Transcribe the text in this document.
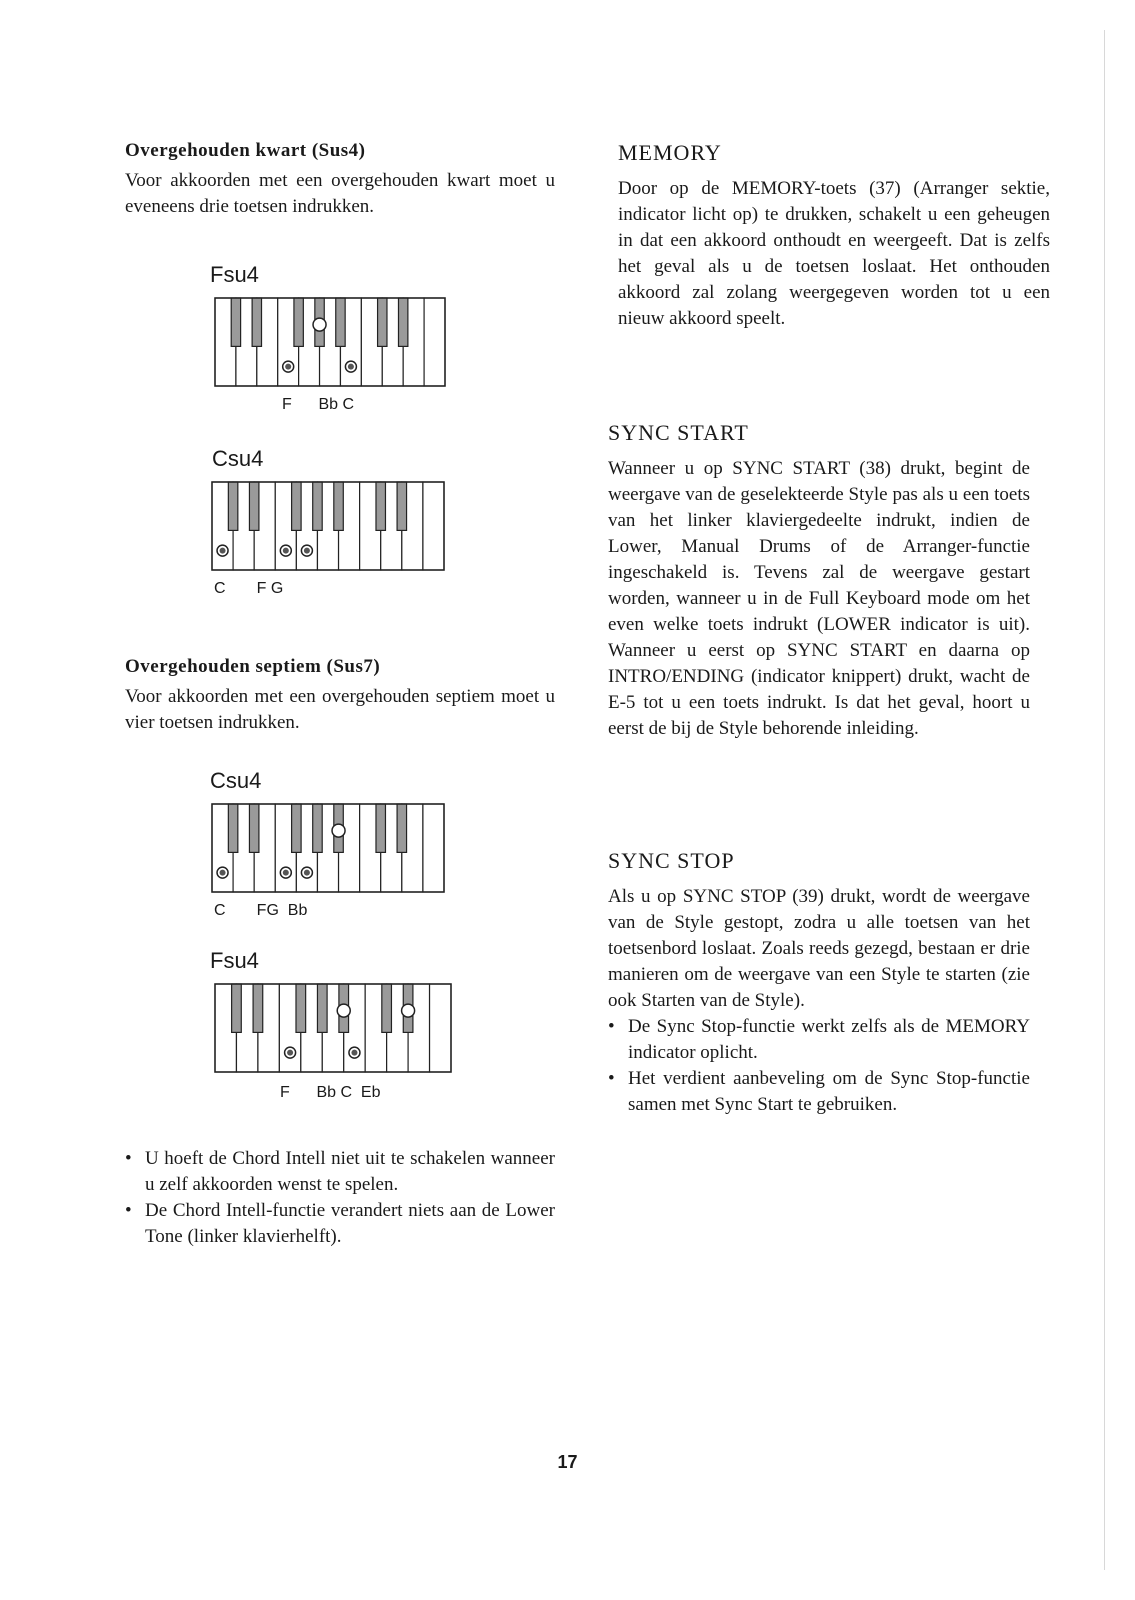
Overgehouden kwart (Sus4)

Voor akkoorden met een overgehouden kwart moet u eveneens drie toetsen indrukken.

Overgehouden septiem (Sus7)

Voor akkoorden met een overgehouden septiem moet u vier toetsen indrukken.

• U hoeft de Chord Intell niet uit te schakelen wanneer u zelf akkoorden wenst te spelen.
• De Chord Intell-functie verandert niets aan de Lower Tone (linker klavierhelft).
Fsu4
F      Bb C
Csu4
C       F G
Csu4
C       FG  Bb
Fsu4
F      Bb C  Eb
MEMORY

Door op de MEMORY-toets (37) (Arranger sektie, indicator licht op) te drukken, schakelt u een geheugen in dat een akkoord onthoudt en weergeeft. Dat is zelfs het geval als u de toetsen loslaat. Het onthouden akkoord zal zolang weergegeven worden tot u een nieuw akkoord speelt.

SYNC START

Wanneer u op SYNC START (38) drukt, begint de weergave van de geselekteerde Style pas als u een toets van het linker klaviergedeelte indrukt, indien de Lower, Manual Drums of de Arranger-functie ingeschakeld is. Tevens zal de weergave gestart worden, wanneer u in de Full Keyboard mode om het even welke toets indrukt (LOWER indicator is uit). Wanneer u eerst op SYNC START en daarna op INTRO/ENDING (indicator knippert) drukt, wacht de E-5 tot u een toets indrukt. Is dat het geval, hoort u eerst de bij de Style behorende inleiding.

SYNC STOP

Als u op SYNC STOP (39) drukt, wordt de weergave van de Style gestopt, zodra u alle toetsen van het toetsenbord loslaat. Zoals reeds gezegd, bestaan er drie manieren om de weergave van een Style te starten (zie ook Starten van de Style).

• De Sync Stop-functie werkt zelfs als de MEMORY indicator oplicht.
• Het verdient aanbeveling om de Sync Stop-functie samen met Sync Start te gebruiken.
17
